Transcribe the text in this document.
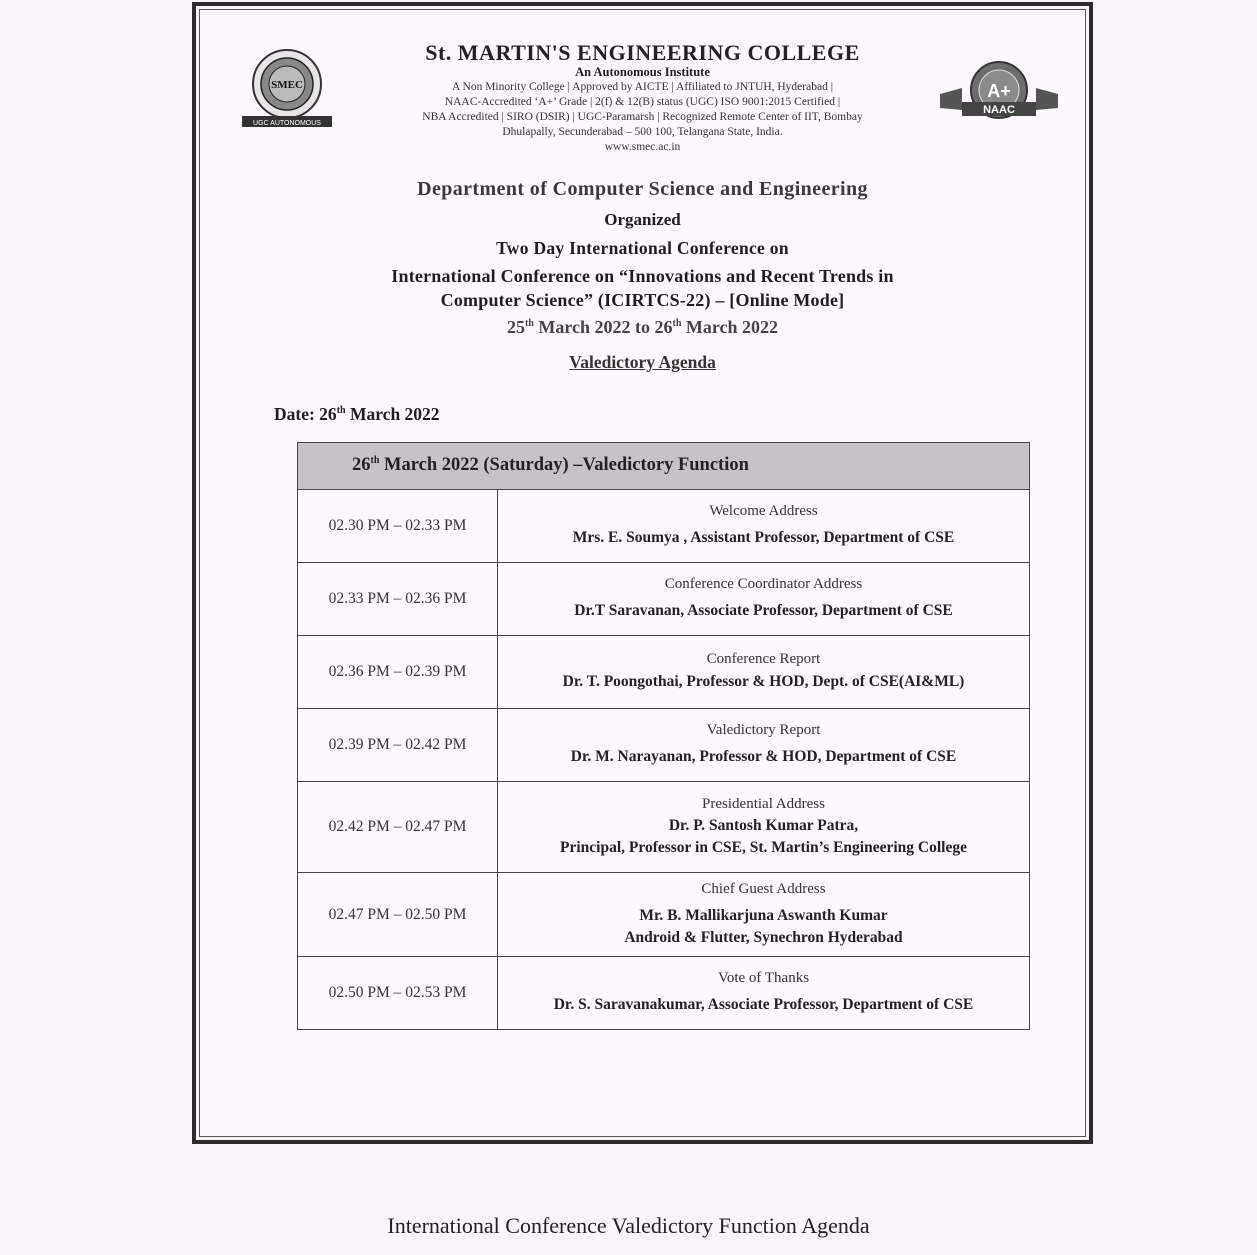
SMEC
UGC AUTONOMOUS
A+
NAAC
St. MARTIN'S ENGINEERING COLLEGE
An Autonomous Institute
A Non Minority College | Approved by AICTE | Affiliated to JNTUH, Hyderabad |
NAAC-Accredited ‘A+’ Grade | 2(f) & 12(B) status (UGC) ISO 9001:2015 Certified |
NBA Accredited | SIRO (DSIR) | UGC-Paramarsh | Recognized Remote Center of IIT, Bombay
Dhulapally, Secunderabad – 500 100, Telangana State, India.
www.smec.ac.in
Department of Computer Science and Engineering
Organized
Two Day International Conference on
International Conference on “Innovations and Recent Trends in
Computer Science” (ICIRTCS-22) – [Online Mode]
25th March 2022 to 26th March 2022
Valedictory Agenda
Date: 26th March 2022
26th March 2022 (Saturday) –Valedictory Function	
02.30 PM – 02.33 PM	Welcome Address
Mrs. E. Soumya , Assistant Professor, Department of CSE

02.33 PM – 02.36 PM	Conference Coordinator Address
Dr.T Saravanan, Associate Professor, Department of CSE

02.36 PM – 02.39 PM	Conference Report
Dr. T. Poongothai, Professor & HOD, Dept. of CSE(AI&ML)

02.39 PM – 02.42 PM	Valedictory Report
Dr. M. Narayanan, Professor & HOD, Department of CSE

02.42 PM – 02.47 PM	Presidential Address
Dr. P. Santosh Kumar Patra,
Principal, Professor in CSE, St. Martin’s Engineering College

02.47 PM – 02.50 PM	Chief Guest Address
Mr. B. Mallikarjuna Aswanth Kumar
Android & Flutter, Synechron Hyderabad

02.50 PM – 02.53 PM	Vote of Thanks
Dr. S. Saravanakumar, Associate Professor, Department of CSE
International Conference Valedictory Function Agenda
